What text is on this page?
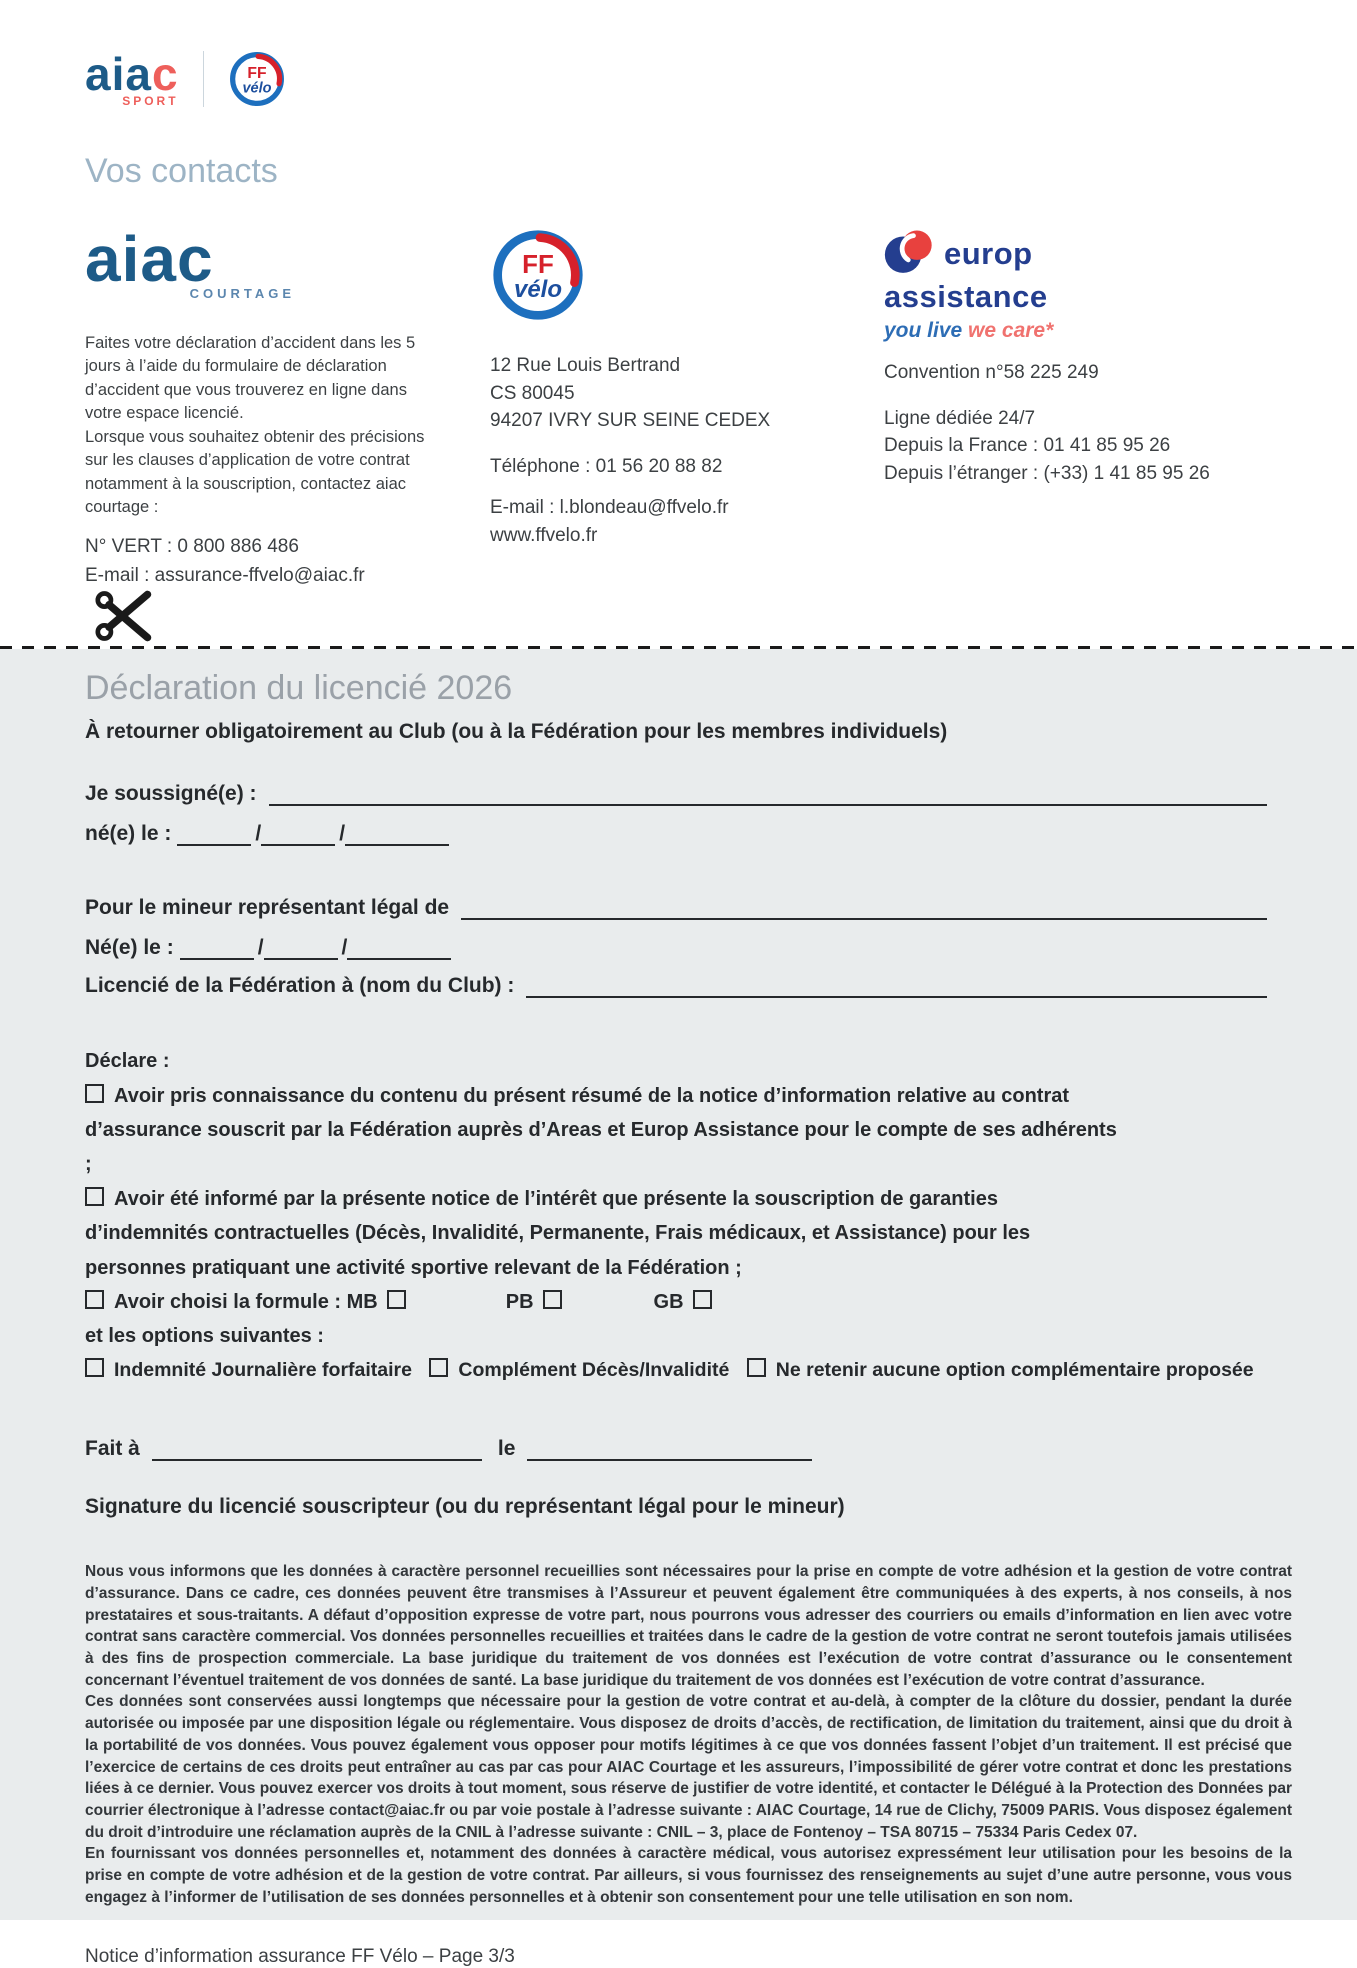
aiac
SPORT
FF
vélo
Vos contacts
aiac
COURTAGE

Faites votre déclaration d’accident dans les 5 jours à l’aide du formulaire de déclaration d’accident que vous trouverez en ligne dans votre espace licencié.

Lorsque vous souhaitez obtenir des précisions sur les clauses d’application de votre contrat notamment à la souscription, contactez aiac courtage :

N° VERT : 0 800 886 486
E-mail : assurance-ffvelo@aiac.fr
FF
vélo
12 Rue Louis Bertrand
CS 80045
94207 IVRY SUR SEINE CEDEX
Téléphone : 01 56 20 88 82
E-mail : l.blondeau@ffvelo.fr
www.ffvelo.fr
europ
assistance
you live we care*
Convention n°58 225 249
Ligne dédiée 24/7
Depuis la France : 01 41 85 95 26
Depuis l’étranger : (+33) 1 41 85 95 26
Déclaration du licencié 2026
À retourner obligatoirement au Club (ou à la Fédération pour les membres individuels)
Je soussigné(e) :
né(e) le :	/	/
Pour le mineur représentant légal de
Né(e) le :	/	/
Licencié de la Fédération à (nom du Club) :

Déclare :

Avoir pris connaissance du contenu du présent résumé de la notice d’information relative au contrat d’assurance souscrit par la Fédération auprès d’Areas et Europ Assistance pour le compte de ses adhérents ;

Avoir été informé par la présente notice de l’intérêt que présente la souscription de garanties d’indemnités contractuelles (Décès, Invalidité, Permanente, Frais médicaux, et Assistance) pour les personnes pratiquant une activité sportive relevant de la Fédération ;

Avoir choisi la formule : MB	PB	GB

et les options suivantes :

Indemnité Journalière forfaitaire Complément Décès/Invalidité Ne retenir aucune option complémentaire proposée

Fait à	le
Signature du licencié souscripteur (ou du représentant légal pour le mineur)

Nous vous informons que les données à caractère personnel recueillies sont nécessaires pour la prise en compte de votre adhésion et la gestion de votre contrat d’assurance. Dans ce cadre, ces données peuvent être transmises à l’Assureur et peuvent également être communiquées à des experts, à nos conseils, à nos prestataires et sous-traitants. A défaut d’opposition expresse de votre part, nous pourrons vous adresser des courriers ou emails d’information en lien avec votre contrat sans caractère commercial. Vos données personnelles recueillies et traitées dans le cadre de la gestion de votre contrat ne seront toutefois jamais utilisées à des fins de prospection commerciale. La base juridique du traitement de vos données est l’exécution de votre contrat d’assurance ou le consentement concernant l’éventuel traitement de vos données de santé. La base juridique du traitement de vos données est l’exécution de votre contrat d’assurance.

Ces données sont conservées aussi longtemps que nécessaire pour la gestion de votre contrat et au-delà, à compter de la clôture du dossier, pendant la durée autorisée ou imposée par une disposition légale ou réglementaire. Vous disposez de droits d’accès, de rectification, de limitation du traitement, ainsi que du droit à la portabilité de vos données. Vous pouvez également vous opposer pour motifs légitimes à ce que vos données fassent l’objet d’un traitement. Il est précisé que l’exercice de certains de ces droits peut entraîner au cas par cas pour AIAC Courtage et les assureurs, l’impossibilité de gérer votre contrat et donc les prestations liées à ce dernier. Vous pouvez exercer vos droits à tout moment, sous réserve de justifier de votre identité, et contacter le Délégué à la Protection des Données par courrier électronique à l’adresse contact@aiac.fr ou par voie postale à l’adresse suivante : AIAC Courtage, 14 rue de Clichy, 75009 PARIS. Vous disposez également du droit d’introduire une réclamation auprès de la CNIL à l’adresse suivante : CNIL – 3, place de Fontenoy – TSA 80715 – 75334 Paris Cedex 07.

En fournissant vos données personnelles et, notamment des données à caractère médical, vous autorisez expressément leur utilisation pour les besoins de la prise en compte de votre adhésion et de la gestion de votre contrat. Par ailleurs, si vous fournissez des renseignements au sujet d’une autre personne, vous vous engagez à l’informer de l’utilisation de ses données personnelles et à obtenir son consentement pour une telle utilisation en son nom.

Notice d’information assurance FF Vélo – Page 3/3
